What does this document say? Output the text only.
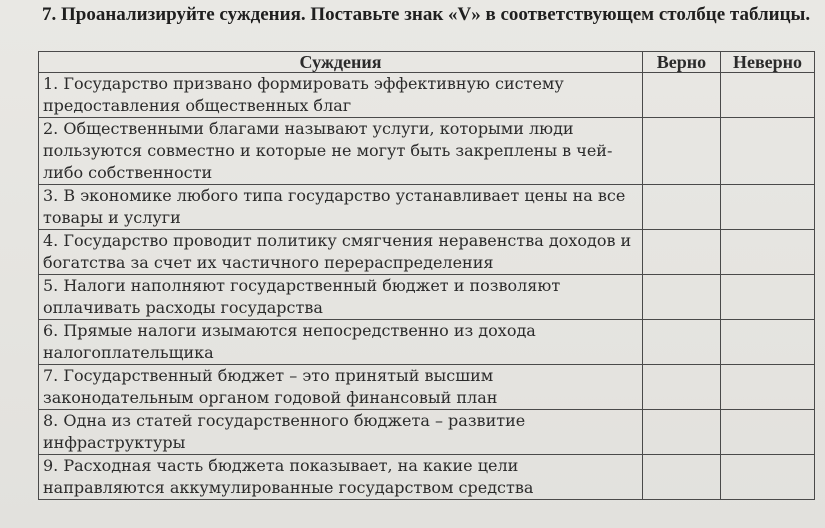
7. Проанализируйте суждения. Поставьте знак «V» в соответствующем столбце таблицы.
Суждения	Верно	Неверно
1. Государство призвано формировать эффективную систему предоставления общественных благ		
2. Общественными благами называют услуги, которыми люди пользуются совместно и которые не могут быть закреплены в чей-либо собственности		
3. В экономике любого типа государство устанавливает цены на все товары и услуги		
4. Государство проводит политику смягчения неравенства доходов и богатства за счет их частичного перераспределения		
5. Налоги наполняют государственный бюджет и позволяют оплачивать расходы государства		
6. Прямые налоги изымаются непосредственно из дохода налогоплательщика		
7. Государственный бюджет – это принятый высшим законодательным органом годовой финансовый план		
8. Одна из статей государственного бюджета – развитие инфраструктуры		
9. Расходная часть бюджета показывает, на какие цели направляются аккумулированные государством средства		
